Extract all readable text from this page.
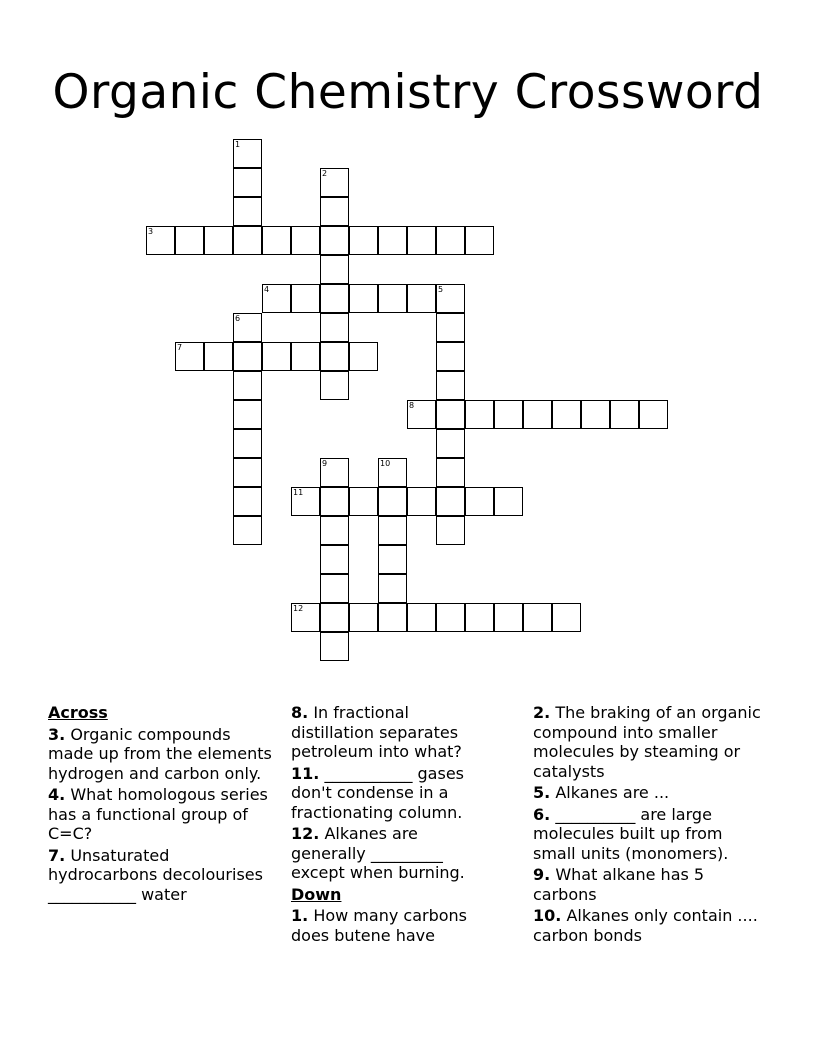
Organic Chemistry Crossword
1
2
3
4	5
6
7
8
9	10
11
12

Across

3. Organic compounds made up from the elements hydrogen and carbon only.

4. What homologous series has a functional group of C=C?

7. Unsaturated hydrocarbons decolourises ___________ water

8. In fractional distillation separates petroleum into what?

11. ___________ gases don't condense in a fractionating column.

12. Alkanes are generally _________ except when burning.

Down

1. How many carbons does butene have

2. The braking of an organic compound into smaller molecules by steaming or catalysts

5. Alkanes are ...

6. __________ are large molecules built up from small units (monomers).

9. What alkane has 5 carbons

10. Alkanes only contain .... carbon bonds
